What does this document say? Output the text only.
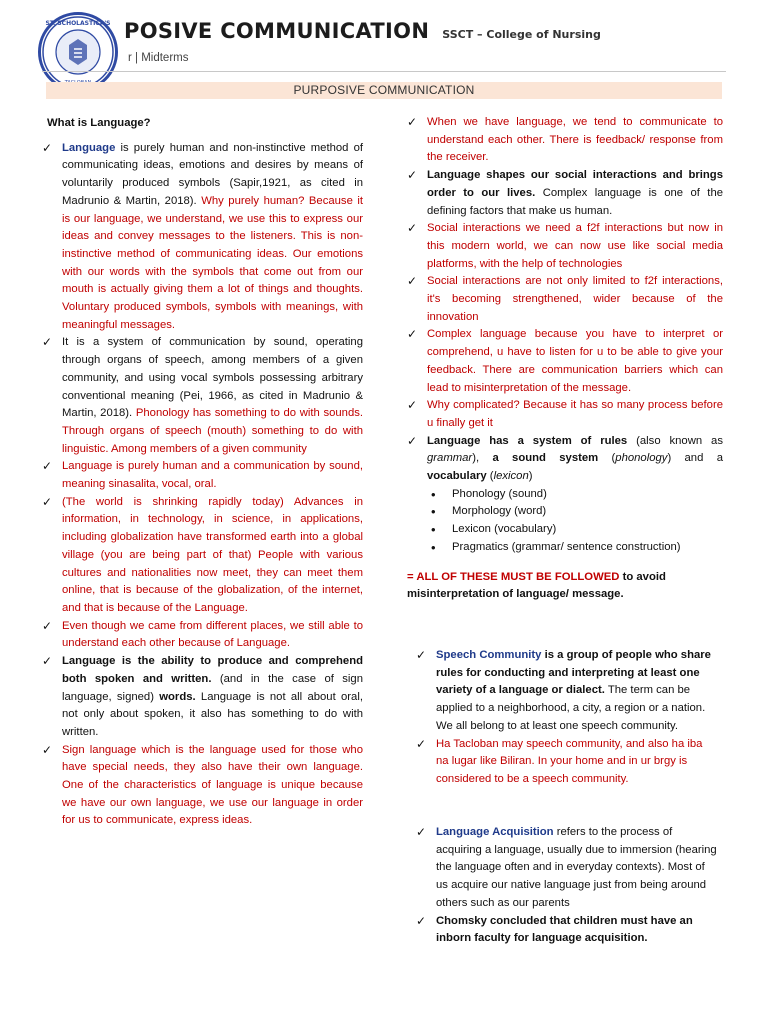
ST. SCHOLASTICA'S POSIVE COMMUNICATION SSCT – College of Nursing
r | Midterms
PURPOSIVE COMMUNICATION
What is Language?
✓ Language is purely human and non-instinctive method of communicating ideas, emotions and desires by means of voluntarily produced symbols (Sapir,1921, as cited in Madrunio & Martin, 2018). Why purely human? Because it is our language, we understand, we use this to express our ideas and convey messages to the listeners. This is non-instinctive method of communicating ideas. Our emotions with our words with the symbols that come out from our mouth is actually giving them a lot of things and thoughts. Voluntary produced symbols, symbols with meanings, with meaningful messages.
✓ It is a system of communication by sound, operating through organs of speech, among members of a given community, and using vocal symbols possessing arbitrary conventional meaning (Pei, 1966, as cited in Madrunio & Martin, 2018). Phonology has something to do with sounds. Through organs of speech (mouth) something to do with linguistic. Among members of a given community
✓ Language is purely human and a communication by sound, meaning sinasalita, vocal, oral.
✓ (The world is shrinking rapidly today) Advances in information, in technology, in science, in applications, including globalization have transformed earth into a global village (you are being part of that) People with various cultures and nationalities now meet, they can meet them online, that is because of the globalization, of the internet, and that is because of the Language.
✓ Even though we came from different places, we still able to understand each other because of Language.
✓ Language is the ability to produce and comprehend both spoken and written. (and in the case of sign language, signed) words. Language is not all about oral, not only about spoken, it also has something to do with written.
✓ Sign language which is the language used for those who have special needs, they also have their own language. One of the characteristics of language is unique because we have our own language, we use our language in order for us to communicate, express ideas.
✓ When we have language, we tend to communicate to understand each other. There is feedback/ response from the receiver.
✓ Language shapes our social interactions and brings order to our lives. Complex language is one of the defining factors that make us human.
✓ Social interactions we need a f2f interactions but now in this modern world, we can now use like social media platforms, with the help of technologies
✓ Social interactions are not only limited to f2f interactions, it's becoming strengthened, wider because of the innovation
✓ Complex language because you have to interpret or comprehend, u have to listen for u to be able to give your feedback. There are communication barriers which can lead to misinterpretation of the message.
✓ Why complicated? Because it has so many process before u finally get it
✓ Language has a system of rules (also known as grammar), a sound system (phonology) and a vocabulary (lexicon)
• Phonology (sound)
• Morphology (word)
• Lexicon (vocabulary)
• Pragmatics (grammar/ sentence construction)
= ALL OF THESE MUST BE FOLLOWED to avoid misinterpretation of language/ message.
✓ Speech Community is a group of people who share rules for conducting and interpreting at least one variety of a language or dialect. The term can be applied to a neighborhood, a city, a region or a nation. We all belong to at least one speech community.
✓ Ha Tacloban may speech community, and also ha iba na lugar like Biliran. In your home and in ur brgy is considered to be a speech community.
✓ Language Acquisition refers to the process of acquiring a language, usually due to immersion (hearing the language often and in everyday contexts). Most of us acquire our native language just from being around others such as our parents
✓ Chomsky concluded that children must have an inborn faculty for language acquisition.
